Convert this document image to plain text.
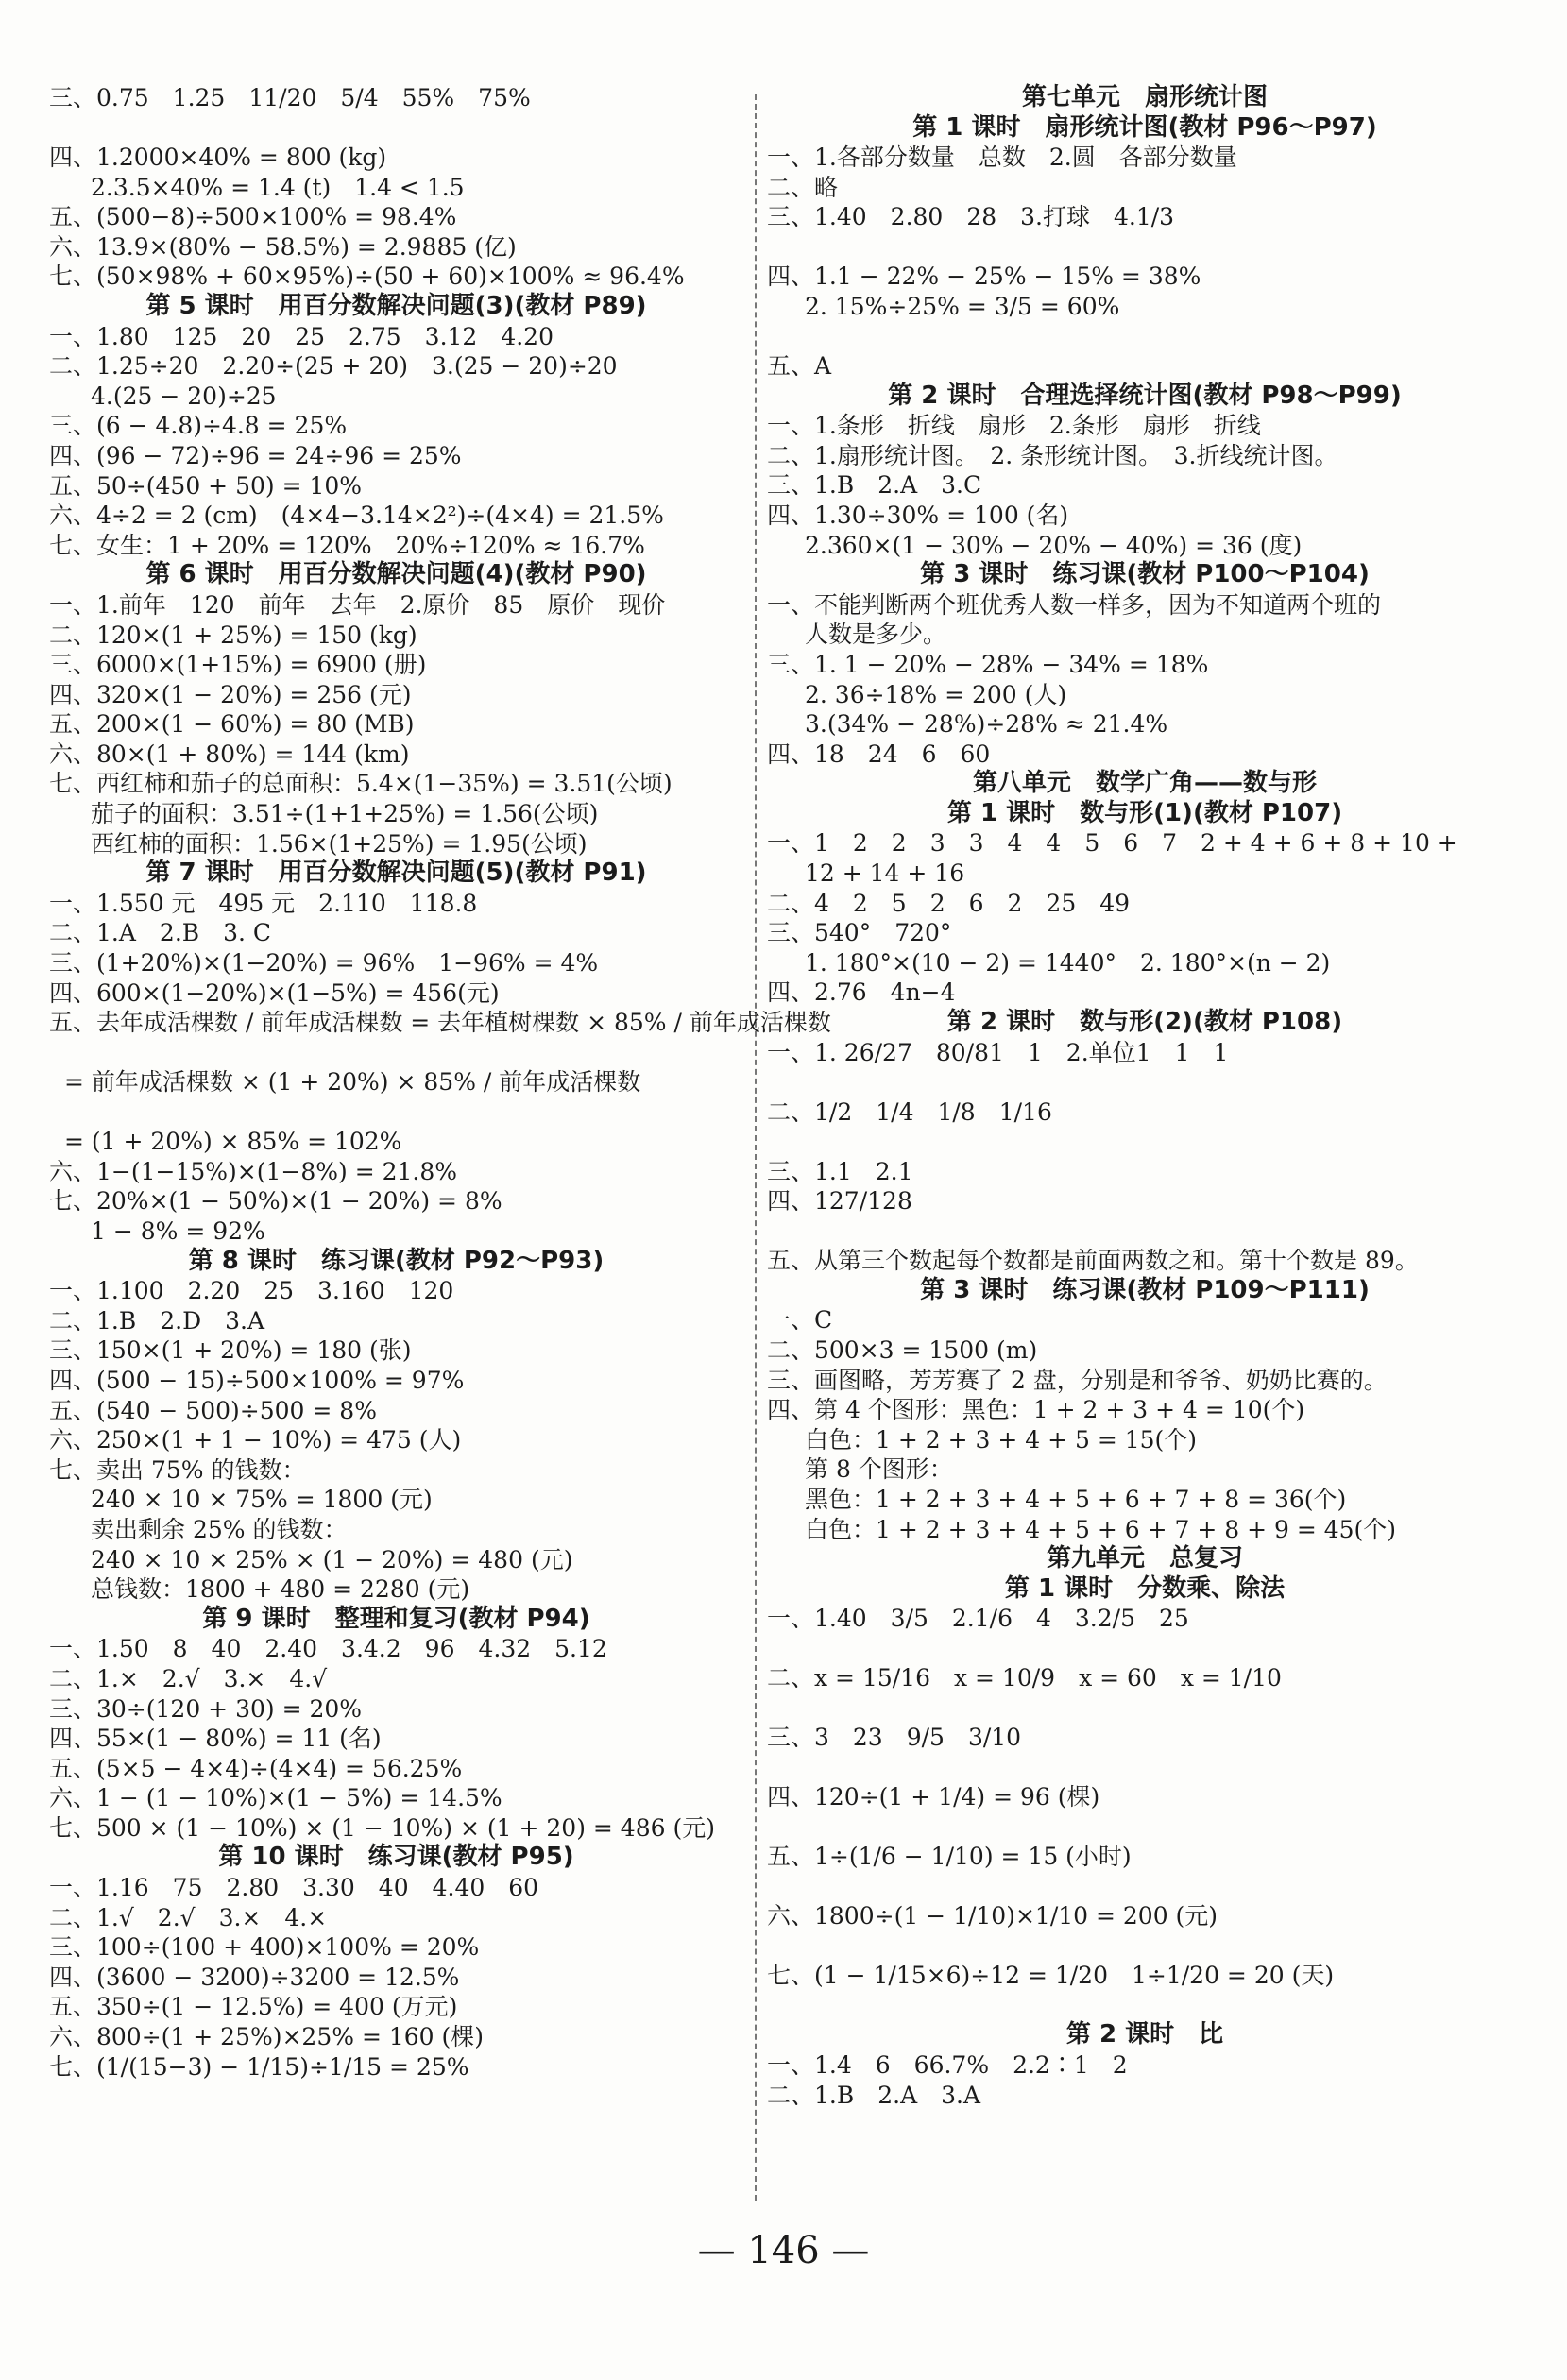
三、0.75　1.25　11/20　5/4　55%　75%
四、1.2000×40% = 800 (kg)
2.3.5×40% = 1.4 (t)　1.4 < 1.5
五、(500−8)÷500×100% = 98.4%
六、13.9×(80% − 58.5%) = 2.9885 (亿)
七、(50×98% + 60×95%)÷(50 + 60)×100% ≈ 96.4%
第 5 课时　用百分数解决问题(3)(教材 P89)
一、1.80　125　20　25　2.75　3.12　4.20
二、1.25÷20　2.20÷(25 + 20)　3.(25 − 20)÷20
4.(25 − 20)÷25
三、(6 − 4.8)÷4.8 = 25%
四、(96 − 72)÷96 = 24÷96 = 25%
五、50÷(450 + 50) = 10%
六、4÷2 = 2 (cm)　(4×4−3.14×2²)÷(4×4) = 21.5%
七、女生：1 + 20% = 120%　20%÷120% ≈ 16.7%
第 6 课时　用百分数解决问题(4)(教材 P90)
一、1.前年　120　前年　去年　2.原价　85　原价　现价
二、120×(1 + 25%) = 150 (kg)
三、6000×(1+15%) = 6900 (册)
四、320×(1 − 20%) = 256 (元)
五、200×(1 − 60%) = 80 (MB)
六、80×(1 + 80%) = 144 (km)
七、西红柿和茄子的总面积：5.4×(1−35%) = 3.51(公顷)
茄子的面积：3.51÷(1+1+25%) = 1.56(公顷)
西红柿的面积：1.56×(1+25%) = 1.95(公顷)
第 7 课时　用百分数解决问题(5)(教材 P91)
一、1.550 元　495 元　2.110　118.8
二、1.A　2.B　3. C
三、(1+20%)×(1−20%) = 96%　1−96% = 4%
四、600×(1−20%)×(1−5%) = 456(元)
五、去年成活棵数 / 前年成活棵数 = 去年植树棵数 × 85% / 前年成活棵数
= 前年成活棵数 × (1 + 20%) × 85% / 前年成活棵数
= (1 + 20%) × 85% = 102%
六、1−(1−15%)×(1−8%) = 21.8%
七、20%×(1 − 50%)×(1 − 20%) = 8%
1 − 8% = 92%
第 8 课时　练习课(教材 P92～P93)
一、1.100　2.20　25　3.160　120
二、1.B　2.D　3.A
三、150×(1 + 20%) = 180 (张)
四、(500 − 15)÷500×100% = 97%
五、(540 − 500)÷500 = 8%
六、250×(1 + 1 − 10%) = 475 (人)
七、卖出 75% 的钱数：
240 × 10 × 75% = 1800 (元)
卖出剩余 25% 的钱数：
240 × 10 × 25% × (1 − 20%) = 480 (元)
总钱数：1800 + 480 = 2280 (元)
第 9 课时　整理和复习(教材 P94)
一、1.50　8　40　2.40　3.4.2　96　4.32　5.12
二、1.×　2.√　3.×　4.√
三、30÷(120 + 30) = 20%
四、55×(1 − 80%) = 11 (名)
五、(5×5 − 4×4)÷(4×4) = 56.25%
六、1 − (1 − 10%)×(1 − 5%) = 14.5%
七、500 × (1 − 10%) × (1 − 10%) × (1 + 20) = 486 (元)
第 10 课时　练习课(教材 P95)
一、1.16　75　2.80　3.30　40　4.40　60
二、1.√　2.√　3.×　4.×
三、100÷(100 + 400)×100% = 20%
四、(3600 − 3200)÷3200 = 12.5%
五、350÷(1 − 12.5%) = 400 (万元)
六、800÷(1 + 25%)×25% = 160 (棵)
七、(1/(15−3) − 1/15)÷1/15 = 25%
第七单元　扇形统计图
第 1 课时　扇形统计图(教材 P96～P97)
一、1.各部分数量　总数　2.圆　各部分数量
二、略
三、1.40　2.80　28　3.打球　4.1/3
四、1.1 − 22% − 25% − 15% = 38%
2. 15%÷25% = 3/5 = 60%
五、A
第 2 课时　合理选择统计图(教材 P98～P99)
一、1.条形　折线　扇形　2.条形　扇形　折线
二、1.扇形统计图。　2. 条形统计图。　3.折线统计图。
三、1.B　2.A　3.C
四、1.30÷30% = 100 (名)
2.360×(1 − 30% − 20% − 40%) = 36 (度)
第 3 课时　练习课(教材 P100～P104)
一、不能判断两个班优秀人数一样多，因为不知道两个班的
人数是多少。
三、1. 1 − 20% − 28% − 34% = 18%
2. 36÷18% = 200 (人)
3.(34% − 28%)÷28% ≈ 21.4%
四、18　24　6　60
第八单元　数学广角——数与形
第 1 课时　数与形(1)(教材 P107)
一、1　2　2　3　3　4　4　5　6　7　2 + 4 + 6 + 8 + 10 +
12 + 14 + 16
二、4　2　5　2　6　2　25　49
三、540°　720°
1. 180°×(10 − 2) = 1440°　2. 180°×(n − 2)
四、2.76　4n−4
第 2 课时　数与形(2)(教材 P108)
一、1. 26/27　80/81　1　2.单位1　1　1
二、1/2　1/4　1/8　1/16
三、1.1　2.1
四、127/128
五、从第三个数起每个数都是前面两数之和。第十个数是 89。
第 3 课时　练习课(教材 P109～P111)
一、C
二、500×3 = 1500 (m)
三、画图略，芳芳赛了 2 盘，分别是和爷爷、奶奶比赛的。
四、第 4 个图形：黑色：1 + 2 + 3 + 4 = 10(个)
白色：1 + 2 + 3 + 4 + 5 = 15(个)
第 8 个图形：
黑色：1 + 2 + 3 + 4 + 5 + 6 + 7 + 8 = 36(个)
白色：1 + 2 + 3 + 4 + 5 + 6 + 7 + 8 + 9 = 45(个)
第九单元　总复习
第 1 课时　分数乘、除法
一、1.40　3/5　2.1/6　4　3.2/5　25
二、x = 15/16　x = 10/9　x = 60　x = 1/10
三、3　23　9/5　3/10
四、120÷(1 + 1/4) = 96 (棵)
五、1÷(1/6 − 1/10) = 15 (小时)
六、1800÷(1 − 1/10)×1/10 = 200 (元)
七、(1 − 1/15×6)÷12 = 1/20　1÷1/20 = 20 (天)
第 2 课时　比
一、1.4　6　66.7%　2.2∶1　2
二、1.B　2.A　3.A
— 146 —
